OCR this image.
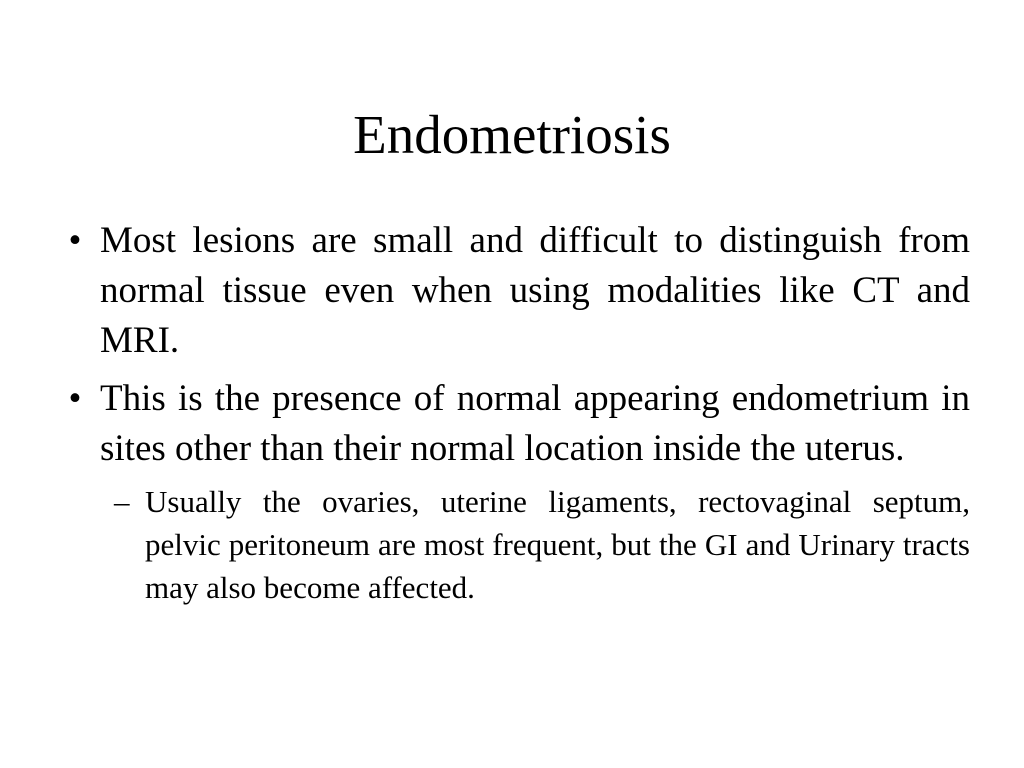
Endometriosis
• Most lesions are small and difficult to distinguish from normal tissue even when using modalities like CT and MRI.
• This is the presence of normal appearing endometrium in sites other than their normal location inside the uterus.
– Usually the ovaries, uterine ligaments, rectovaginal septum, pelvic peritoneum are most frequent, but the GI and Urinary tracts may also become affected.
